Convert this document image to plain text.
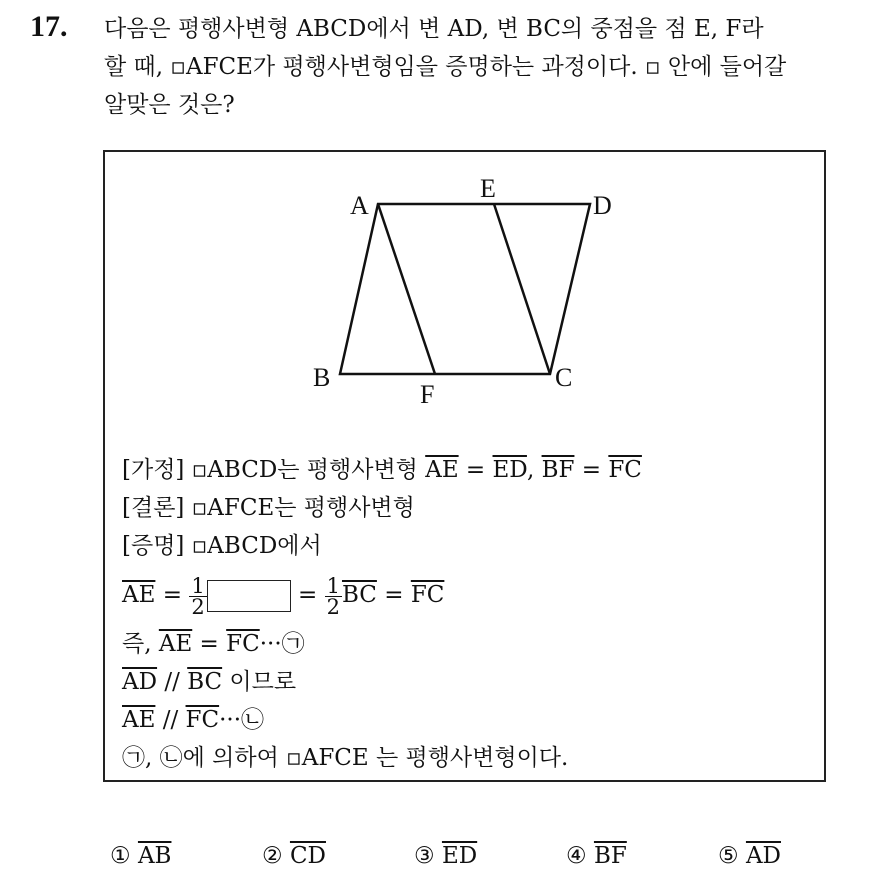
17. 다음은 평행사변형 ABCD에서 변 AD, 변 BC의 중점을 점 E, F라
할 때, ▫AFCE가 평행사변형임을 증명하는 과정이다. ▫ 안에 들어갈
알맞은 것은?
A
E
D
B
F
C
[가정] ▫ABCD는 평행사변형 $\overline{AE} = \overline{ED}$, $\overline{BF} = \overline{FC}$
[결론] ▫AFCE는 평행사변형
[증명] ▫ABCD에서
$\overline{AE} = \frac{1}{2}$	= $\frac{1}{2} \overline{BC} = \overline{FC}$
즉, $\overline{AE}$ = $\overline{FC}\cdot\cdot\cdot㉠$
$\overline{AD} // \overline{BC}$ 이므로
$\overline{AE}$ // $\overline{FC}\cdot\cdot\cdot㉡$
㉠, ㉡에 의하여 ▫AFCE 는 평행사변형이다.
① $\overline{AB}$	② $\overline{CD}$	③ $\overline{ED}$	④ $\overline{BF}$	⑤ $\overline{AD}$
